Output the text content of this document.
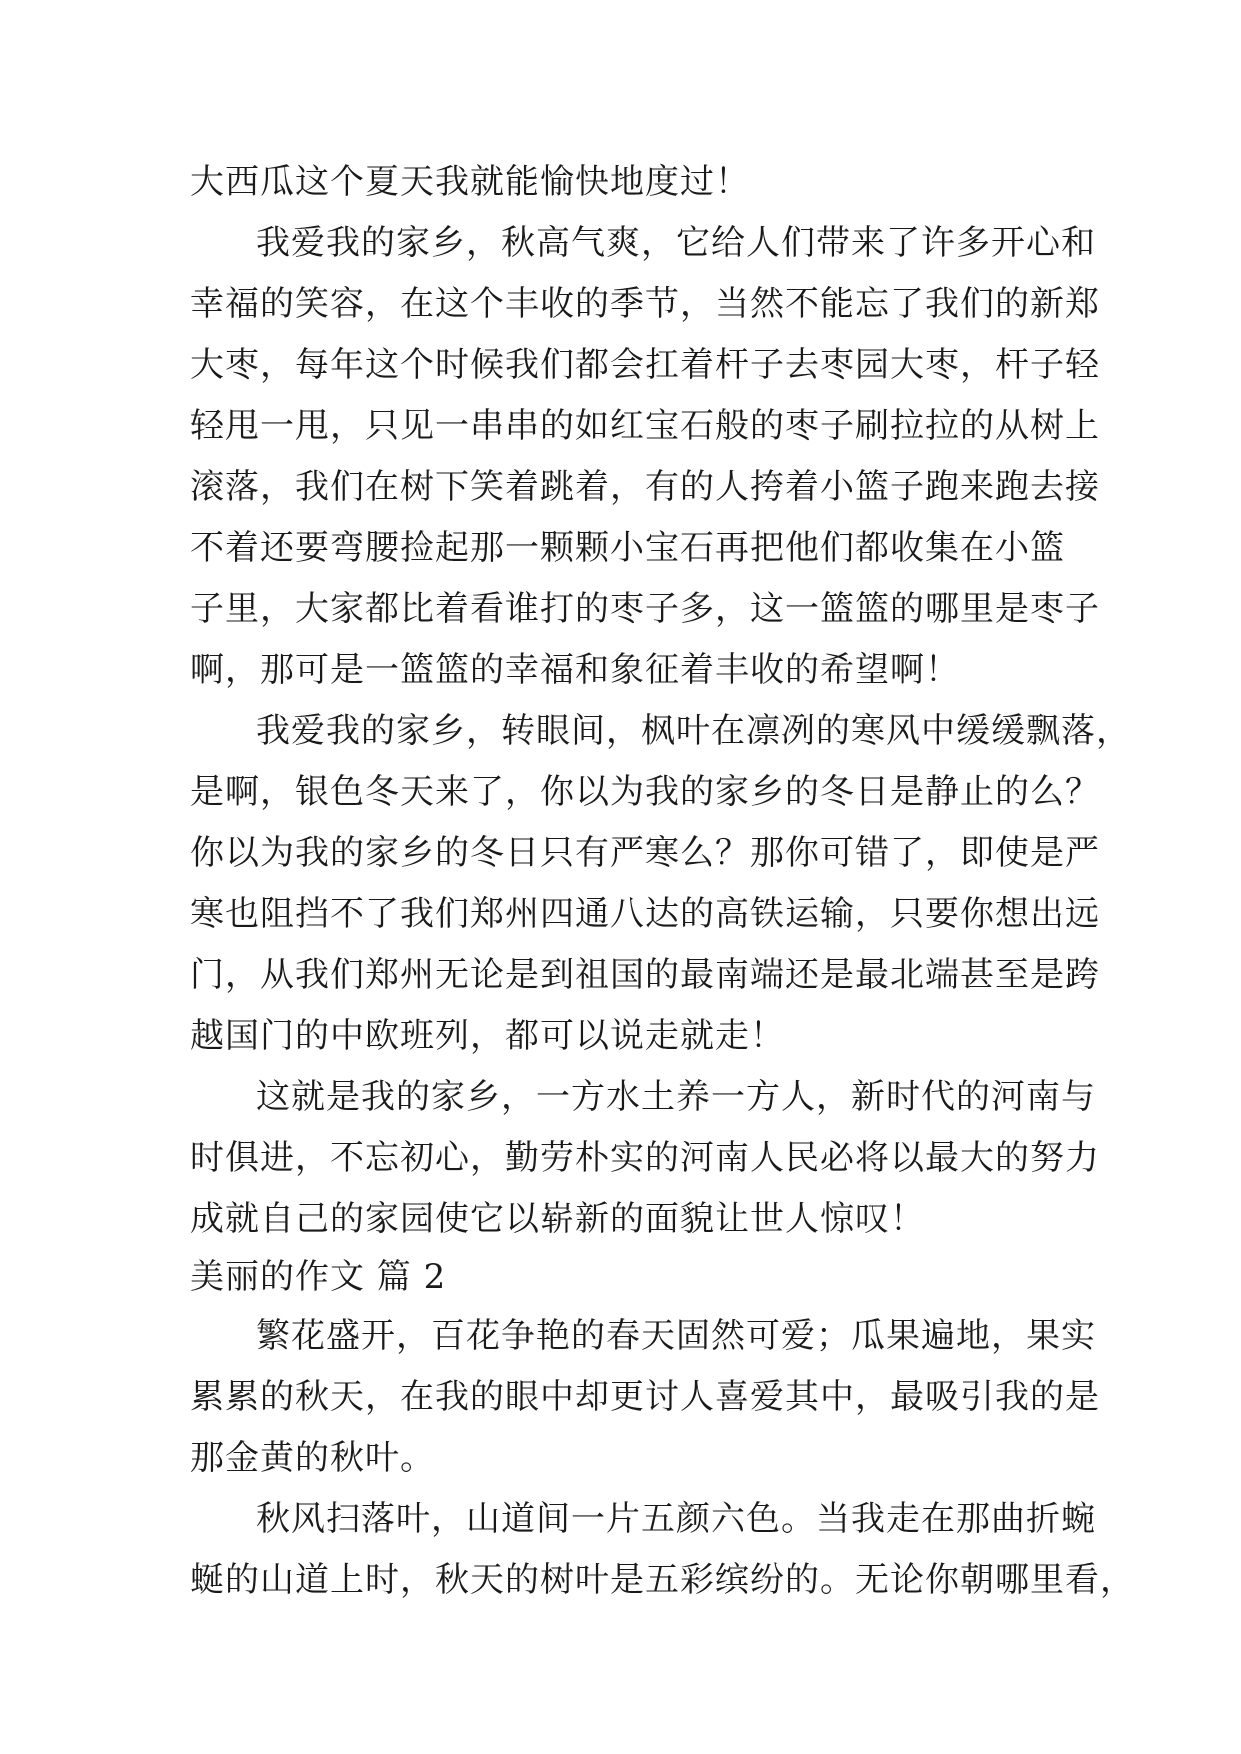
大西瓜这个夏天我就能愉快地度过！
我爱我的家乡，秋高气爽，它给人们带来了许多开心和
幸福的笑容，在这个丰收的季节，当然不能忘了我们的新郑
大枣，每年这个时候我们都会扛着杆子去枣园大枣，杆子轻
轻甩一甩，只见一串串的如红宝石般的枣子刷拉拉的从树上
滚落，我们在树下笑着跳着，有的人挎着小篮子跑来跑去接
不着还要弯腰捡起那一颗颗小宝石再把他们都收集在小篮
子里，大家都比着看谁打的枣子多，这一篮篮的哪里是枣子
啊，那可是一篮篮的幸福和象征着丰收的希望啊！
我爱我的家乡，转眼间，枫叶在凛冽的寒风中缓缓飘落，
是啊，银色冬天来了，你以为我的家乡的冬日是静止的么？
你以为我的家乡的冬日只有严寒么？那你可错了，即使是严
寒也阻挡不了我们郑州四通八达的高铁运输，只要你想出远
门，从我们郑州无论是到祖国的最南端还是最北端甚至是跨
越国门的中欧班列，都可以说走就走！
这就是我的家乡，一方水土养一方人，新时代的河南与
时俱进，不忘初心，勤劳朴实的河南人民必将以最大的努力
成就自己的家园使它以崭新的面貌让世人惊叹！
美丽的作文 篇 2
繁花盛开，百花争艳的春天固然可爱；瓜果遍地，果实
累累的秋天，在我的眼中却更讨人喜爱其中，最吸引我的是
那金黄的秋叶。
秋风扫落叶，山道间一片五颜六色。当我走在那曲折蜿
蜒的山道上时，秋天的树叶是五彩缤纷的。无论你朝哪里看，
